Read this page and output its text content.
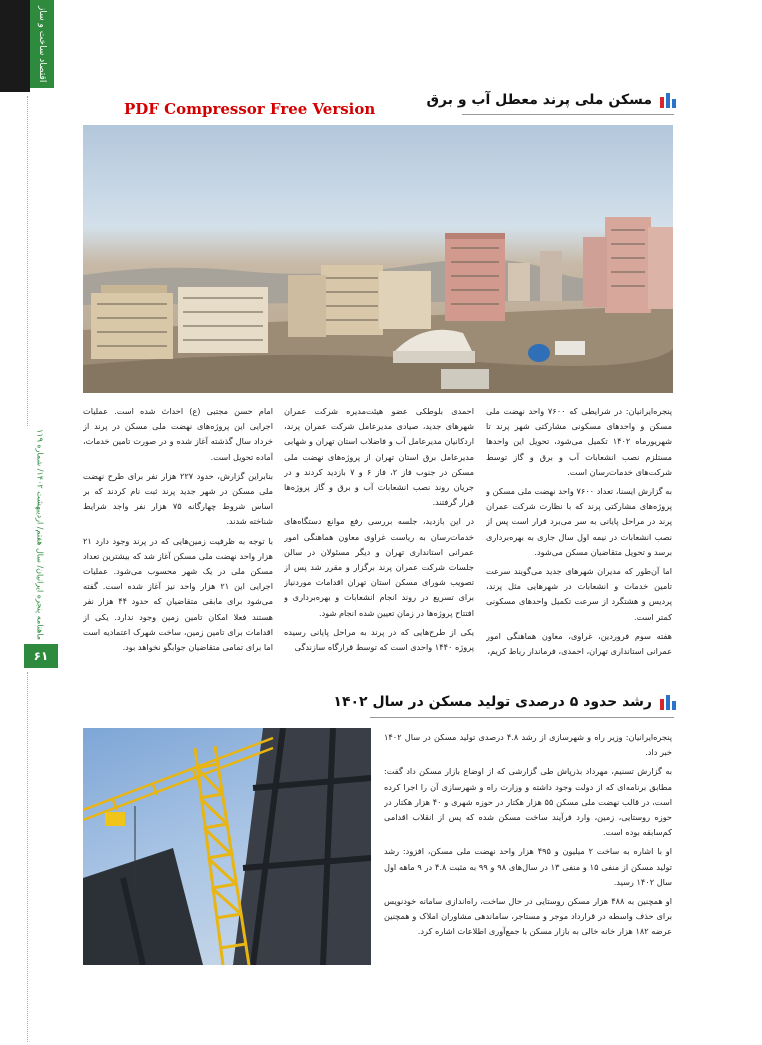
اقتصاد ساخت و ساز
ماهنامه پنجره ایرانیان/ سال هفتم/ اردیبهشت ۱۴۰۲/ شماره ۱۱۹
۶۱
PDF Compressor Free Version	مسکن ملی پرند معطل آب و برق

پنجره‌ایرانیان: در شرایطی که ۷۶۰۰ واحد نهضت ملی مسکن و واحدهای مسکونی مشارکتی شهر پرند تا شهریورماه ۱۴۰۲ تکمیل می‌شود، تحویل این واحدها مستلزم نصب انشعابات آب و برق و گاز توسط شرکت‌های خدمات‌رسان است.

به گزارش ایسنا، تعداد ۷۶۰۰ واحد نهضت ملی مسکن و پروژه‌های مشارکتی پرند که با نظارت شرکت عمران پرند در مراحل پایانی به سر می‌برد قرار است پس از نصب انشعابات در نیمه اول سال جاری به بهره‌برداری برسد و تحویل متقاضیان مسکن می‌شود.

اما آن‌طور که مدیران شهرهای جدید می‌گویند سرعت تامین خدمات و انشعابات در شهرهایی مثل پرند، پردیس و هشتگرد از سرعت تکمیل واحدهای مسکونی کمتر است.

هفته سوم فروردین، غراوی، معاون هماهنگی امور عمرانی استانداری تهران، احمدی، فرماندار رباط کریم،

احمدی بلوطکی عضو هیئت‌مدیره شرکت عمران شهرهای جدید، صیادی مدیرعامل شرکت عمران پرند، اردکانیان مدیرعامل آب و فاضلاب استان تهران و شهابی مدیرعامل برق استان تهران از پروژه‌های نهضت ملی مسکن در جنوب فاز ۲، فاز ۶ و ۷ بازدید کردند و در جریان روند نصب انشعابات آب و برق و گاز پروژه‌ها قرار گرفتند.

در این بازدید، جلسه بررسی رفع موانع دستگاه‌های خدمات‌رسان به ریاست غراوی معاون هماهنگی امور عمرانی استانداری تهران و دیگر مسئولان در سالن جلسات شرکت عمران پرند برگزار و مقرر شد پس از تصویب شورای مسکن استان تهران اقدامات موردنیاز برای تسریع در روند انجام انشعابات و بهره‌برداری و افتتاح پروژه‌ها در زمان تعیین شده انجام شود.

یکی از طرح‌هایی که در پرند به مراحل پایانی رسیده پروژه ۱۴۴۰ واحدی است که توسط قرارگاه سازندگی

امام حسن مجتبی (ع) احداث شده است. عملیات اجرایی این پروژه‌های نهضت ملی مسکن در پرند از خرداد سال گذشته آغاز شده و در صورت تامین خدمات، آماده تحویل است.

بنابراین گزارش، حدود ۲۲۷ هزار نفر برای طرح نهضت ملی مسکن در شهر جدید پرند ثبت نام کردند که بر اساس شروط چهارگانه ۷۵ هزار نفر واجد شرایط شناخته شدند.

با توجه به ظرفیت زمین‌هایی که در پرند وجود دارد ۲۱ هزار واحد نهضت ملی مسکن آغاز شد که بیشترین تعداد مسکن ملی در یک شهر محسوب می‌شود. عملیات اجرایی این ۲۱ هزار واحد نیز آغاز شده است. گفته می‌شود برای مابقی متقاضیان که حدود ۴۴ هزار نفر هستند فعلا امکان تامین زمین وجود ندارد. یکی از اقدامات برای تامین زمین، ساخت شهرک اعتمادیه است اما برای تمامی متقاضیان جوابگو نخواهد بود.

رشد حدود ۵ درصدی تولید مسکن در سال ۱۴۰۲

پنجره‌ایرانیان: وزیر راه و شهرسازی از رشد ۴.۸ درصدی تولید مسکن در سال ۱۴۰۲ خبر داد.

به گزارش تسنیم، مهرداد بذرپاش طی گزارشی که از اوضاع بازار مسکن داد گفت: مطابق برنامه‌ای که از دولت وجود داشته و وزارت راه و شهرسازی آن را اجرا کرده است، در قالب نهضت ملی مسکن ۵۵ هزار هکتار در حوزه شهری و ۴۰ هزار هکتار در حوزه روستایی، زمین، وارد فرآیند ساخت مسکن شده که پس از انقلاب اقدامی کم‌سابقه بوده است.

او با اشاره به ساخت ۲ میلیون و ۴۹۵ هزار واحد نهضت ملی مسکن، افزود: رشد تولید مسکن از منفی ۱۵ و منفی ۱۳ در سال‌های ۹۸ و ۹۹ به مثبت ۴.۸ در ۹ ماهه اول سال ۱۴۰۲ رسید.

او همچنین به ۴۸۸ هزار مسکن روستایی در حال ساخت، راه‌اندازی سامانه خودنویس برای حذف واسطه در قرارداد موجر و مستاجر، ساماندهی مشاوران املاک و همچنین عرضه ۱۸۲ هزار خانه خالی به بازار مسکن با جمع‌آوری اطلاعات اشاره کرد.
